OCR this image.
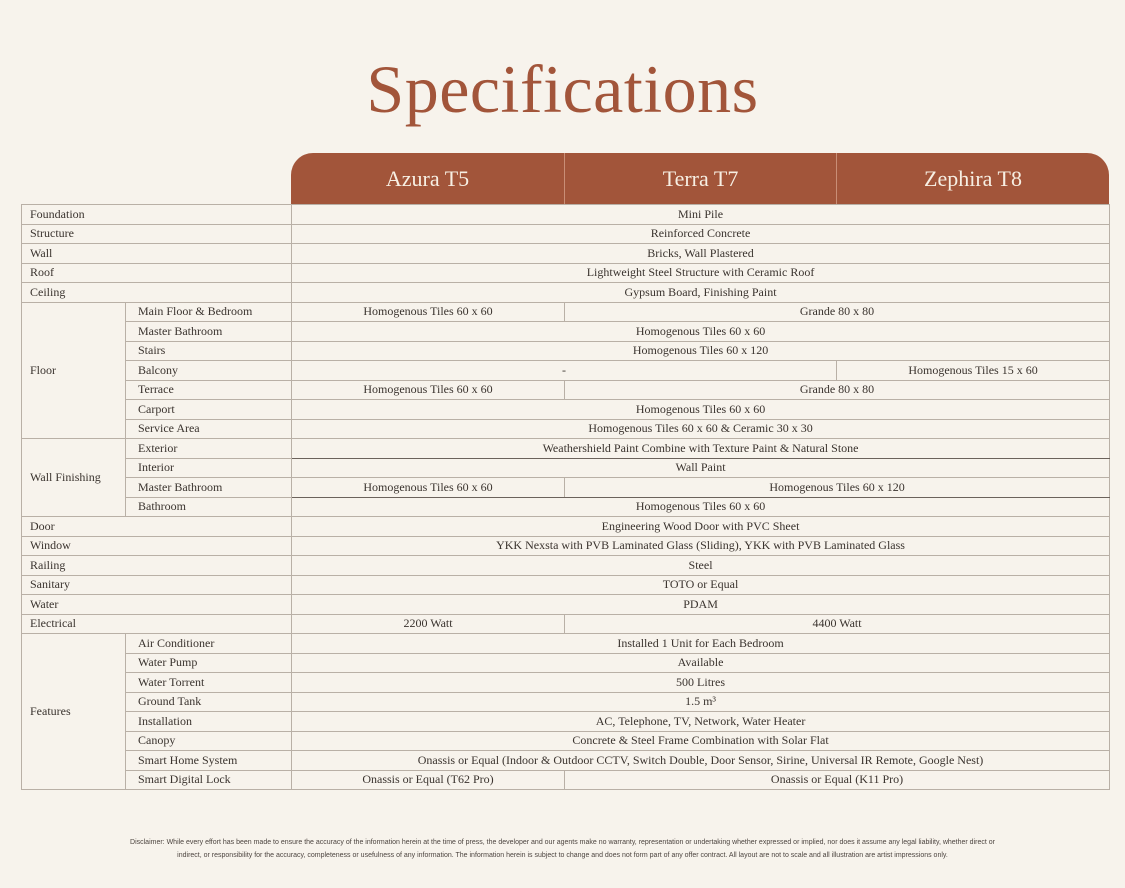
Specifications
Azura T5	Terra T7	Zephira T8
Foundation		Mini Pile		
Structure		Reinforced Concrete		
Wall		Bricks, Wall Plastered		
Roof		Lightweight Steel Structure with Ceramic Roof		
Ceiling		Gypsum Board, Finishing Paint		
Floor	Main Floor & Bedroom	Homogenous Tiles 60 x 60	Grande 80 x 80	
	Master Bathroom	Homogenous Tiles 60 x 60		
	Stairs	Homogenous Tiles 60 x 120		
	Balcony	-		Homogenous Tiles 15 x 60
	Terrace	Homogenous Tiles 60 x 60	Grande 80 x 80	
	Carport	Homogenous Tiles 60 x 60		
	Service Area	Homogenous Tiles 60 x 60 & Ceramic 30 x 30		
Wall Finishing	Exterior	Weathershield Paint Combine with Texture Paint & Natural Stone		
	Interior	Wall Paint		
	Master Bathroom	Homogenous Tiles 60 x 60	Homogenous Tiles 60 x 120	
	Bathroom	Homogenous Tiles 60 x 60		
Door		Engineering Wood Door with PVC Sheet		
Window		YKK Nexsta with PVB Laminated Glass (Sliding), YKK with PVB Laminated Glass		
Railing		Steel		
Sanitary		TOTO or Equal		
Water		PDAM		
Electrical		2200 Watt	4400 Watt	
Features	Air Conditioner	Installed 1 Unit for Each Bedroom		
	Water Pump	Available		
	Water Torrent	500 Litres		
	Ground Tank	1.5 m³		
	Installation	AC, Telephone, TV, Network, Water Heater		
	Canopy	Concrete & Steel Frame Combination with Solar Flat		
	Smart Home System	Onassis or Equal (Indoor & Outdoor CCTV, Switch Double, Door Sensor, Sirine, Universal IR Remote, Google Nest)		
	Smart Digital Lock	Onassis or Equal (T62 Pro)	Onassis or Equal (K11 Pro)	
Disclaimer: While every effort has been made to ensure the accuracy of the information herein at the time of press, the developer and our agents make no warranty, representation or undertaking whether expressed or implied, nor does it assume any legal liability, whether direct or
indirect, or responsibility for the accuracy, completeness or usefulness of any information. The information herein is subject to change and does not form part of any offer contract. All layout are not to scale and all illustration are artist impressions only.
